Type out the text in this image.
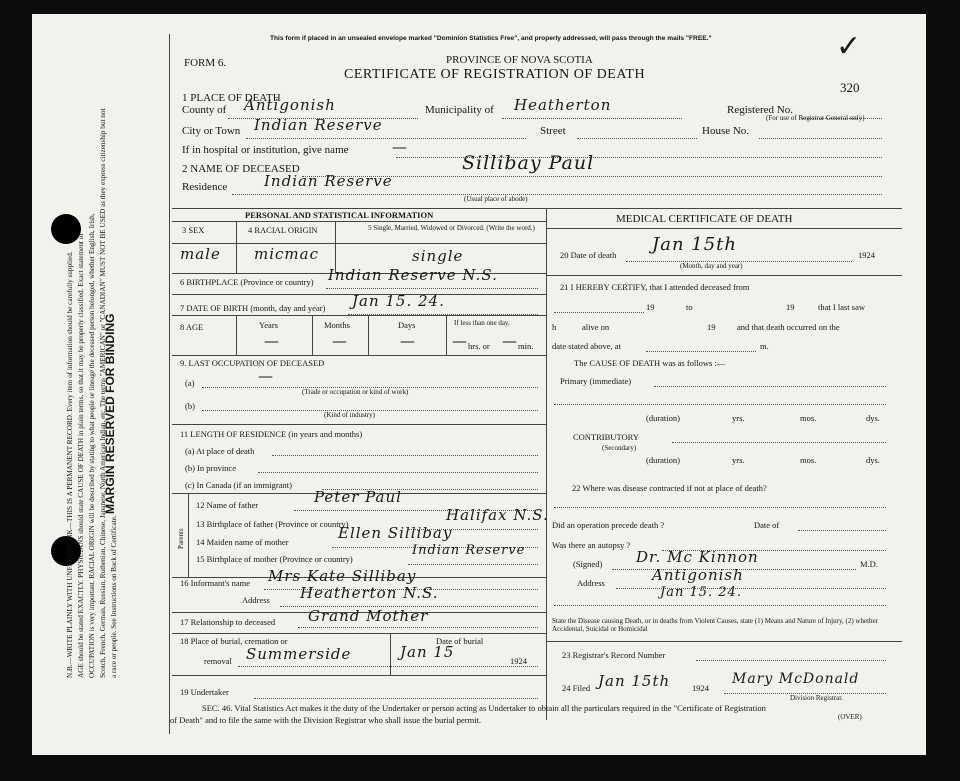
N.B.—WRITE PLAINLY WITH UNFADING INK—THIS IS A PERMANENT RECORD. Every item of information should be carefully supplied. AGE should be stated EXACTLY. PHYSICIANS should state CAUSE OF DEATH in plain terms, so that it may be properly classified. Exact statement of OCCUPATION is very important. RACIAL ORIGIN will be described by stating to what people or lineage the deceased person belonged, whether English, Irish, Scotch, French, German, Russian, Ruthenian, Chinese, Japanese, North American Indian, etc. The terms "AMERICAN" or "CANADIAN" MUST NOT BE USED as they express citizenship but not a race or people. See Instructions on Back of Certificate.
MARGIN RESERVED FOR BINDING
This form if placed in an unsealed envelope marked "Dominion Statistics Free", and properly addressed, will pass through the mails "FREE."
FORM 6.	PROVINCE OF NOVA SCOTIA
CERTIFICATE OF REGISTRATION OF DEATH
320
✓
1 PLACE OF DEATH
County of Antigonish	Municipality of Heatherton	Registered No.
(For use of Registrar General only)
City or Town Indian Reserve	Street	House No.
If in hospital or institution, give name	—
2 NAME OF DECEASED	Sillibay Paul
Residence Indian Reserve
(Usual place of abode)
PERSONAL AND STATISTICAL INFORMATION
3 SEX	4 RACIAL ORIGIN	5 Single, Married, Widowed or Divorced. (Write the word.)
male micmac	single
6 BIRTHPLACE (Province or country) Indian Reserve N.S.
7 DATE OF BIRTH (month, day and year) Jan 15. 24.
8 AGE	Years	Months	Days	If less than one day,
—	—	— — hrs. or — min.
9. LAST OCCUPATION OF DECEASED
(a)	—
(Trade or occupation or kind of work)
(b)
(Kind of industry)
11 LENGTH OF RESIDENCE (in years and months)
(a) At place of death
(b) In province
(c) In Canada (if an immigrant)
Parents
12 Name of father	Peter Paul
13 Birthplace of father (Province or country)	Halifax N.S.
14 Maiden name of mother	Ellen Sillibay
15 Birthplace of mother (Province or country)
Indian Reserve
16 Informant's name Mrs Kate Sillibay
Address Heatherton N.S.
17 Relationship to deceased Grand Mother
18 Place of burial, cremation or	Date of burial
removal Summerside	Jan 15	1924
19 Undertaker
MEDICAL CERTIFICATE OF DEATH
20 Date of death Jan 15th
(Month, day and year)
1924
21 I HEREBY CERTIFY, that I attended deceased from
19	to	19	that I last saw
h	alive on	19	and that death occurred on the
date stated above, at	m.
The CAUSE OF DEATH was as follows :—
Primary (immediate)
(duration)	yrs.	mos.	dys.
CONTRIBUTORY
(Secondary)
(duration)	yrs.	mos.	dys.
22 Where was disease contracted if not at place of death?
Did an operation precede death ?	Date of
Was there an autopsy ?
(Signed) Dr. Mc Kinnon	M.D.
Address	Antigonish
Jan 15. 24.
State the Disease causing Death, or in deaths from Violent Causes, state (1) Means and Nature of Injury, (2) whether Accidental, Suicidal or Homicidal
23 Registrar's Record Number
24 Filed Jan 15th	1924
Mary McDonald
Division Registrar.
SEC. 46. Vital Statistics Act makes it the duty of the Undertaker or person acting as Undertaker to obtain all the particulars required in the "Certificate of Registration
of Death" and to file the same with the Division Registrar who shall issue the burial permit.	(OVER)
